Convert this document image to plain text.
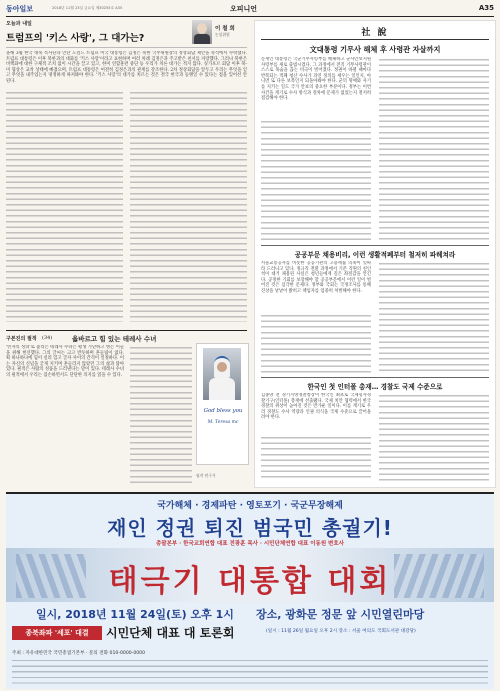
동아일보	2018년 11월 23일 금요일 제30255호 A35	오피니언	A35
오늘과 내일
트럼프의 '키스 사랑', 그 대가는?
이 철 희
논설위원
올해 3월 한국 대북 특사단과 만난 도널드 트럼프 미국 대통령은 김정은 북한 국무위원장의 정상회담 제안을 즉석에서 수락했다. 트럼프 대통령은 이후 북한과의 대화를 '키스 사랑'이라고 표현하며 여러 차례 김정은과 주고받은 친서를 자랑했다. 그러나 북한은 비핵화에 대한 구체적 조치 없이 시간을 끌고 있고, 한미 연합훈련 중단 등 우리가 치른 대가는 적지 않다. 싱가포르 회담 이후 북-미 협상은 교착 상태에 빠졌으며, 트럼프 대통령은 여전히 김정은과의 관계를 강조한다. 2차 정상회담을 앞두고 우리는 무엇을 얻고 무엇을 내주었는지 냉정하게 따져봐야 한다. '키스 사랑'의 대가를 치르는 것은 결국 한국과 동맹일 수 있다는 점을 잊어선 안 된다.
구본진의 필적 (34)	옳바르고 힘 있는 테레사 수녀
'빈자의 성녀'로 불리는 테레사 수녀는 평생 가난하고 병든 이들을 위해 헌신했다. 그의 글씨는 크고 반듯하며 흔들림이 없다. 획 하나하나에 힘이 실려 있고 글자 사이의 간격이 일정하다. 이는 자신의 신념을 굳게 지키며 흔들리지 않았던 그의 삶과 닮아 있다. 필적은 사람의 성품을 드러낸다는 말이 있다. 테레사 수녀의 필적에서 우리는 겸손하면서도 단단한 의지를 읽을 수 있다.
God bless you
M. Teresa mc
필적 연구가
社 說
文대통령 기무사 해체 후 사령관 자살까지
문재인 대통령은 국군기무사령부를 해체하고 군사안보지원사령부를 새로 출범시켰다. 그 과정에서 전직 기무사령관이 스스로 목숨을 끊는 비극이 벌어졌다. 정권이 바뀔 때마다 반복되는 적폐 청산 수사가 과연 정의를 세우는 일인지, 아니면 또 다른 보복인지 되돌아봐야 한다. 군의 명예와 사기를 지키는 일도 국가 안보의 중요한 부분이다. 정부는 이번 사건을 계기로 수사 방식과 절차에 문제가 없었는지 철저히 점검해야 한다.
공공부문 채용비리, 이런 생활적폐부터 철저히 파헤쳐라
서울교통공사를 비롯한 공공기관의 고용세습 의혹이 잇따라 드러나고 있다. 정규직 전환 과정에서 기존 직원의 친인척이 대거 채용된 사실은 청년들에게 깊은 좌절감을 안긴다. 공정한 기회를 보장해야 할 공공부문에서 이런 일이 벌어진 것은 심각한 문제다. 정부와 국회는 국정조사를 통해 진상을 낱낱이 밝히고 책임자를 엄중히 처벌해야 한다.
한국인 첫 인터폴 총재… 경찰도 국제 수준으로
김종양 전 경기지방경찰청장이 한국인 최초로 국제형사경찰기구(인터폴) 총재에 선출됐다. 국제 치안 협력에서 한국 경찰의 위상이 높아진 것은 반가운 일이다. 이를 계기로 우리 경찰도 수사 역량과 인권 의식을 국제 수준으로 끌어올려야 한다.
국가해체 · 경제파탄 · 영토포기 · 국군무장해제
재인 정권 퇴진 범국민 총궐기!
총괄본부 · 한국교회연합 대표 전광훈 목사 · 시민단체연합 대표 이동원 변호사
태극기 대통합 대회
일시, 2018년 11월 24일(토) 오후 1시 장소, 광화문 정문 앞 시민열린마당
종북좌파 '세포' 대결	시민단체 대표 대 토론회	(일시 : 11월 26일 월요일 오후 2시 장소 : 서울 여의도 국회도서관 대강당)
주최 : 자유대한민국 국민총궐기본부 · 문의 전화 010-0000-0000
